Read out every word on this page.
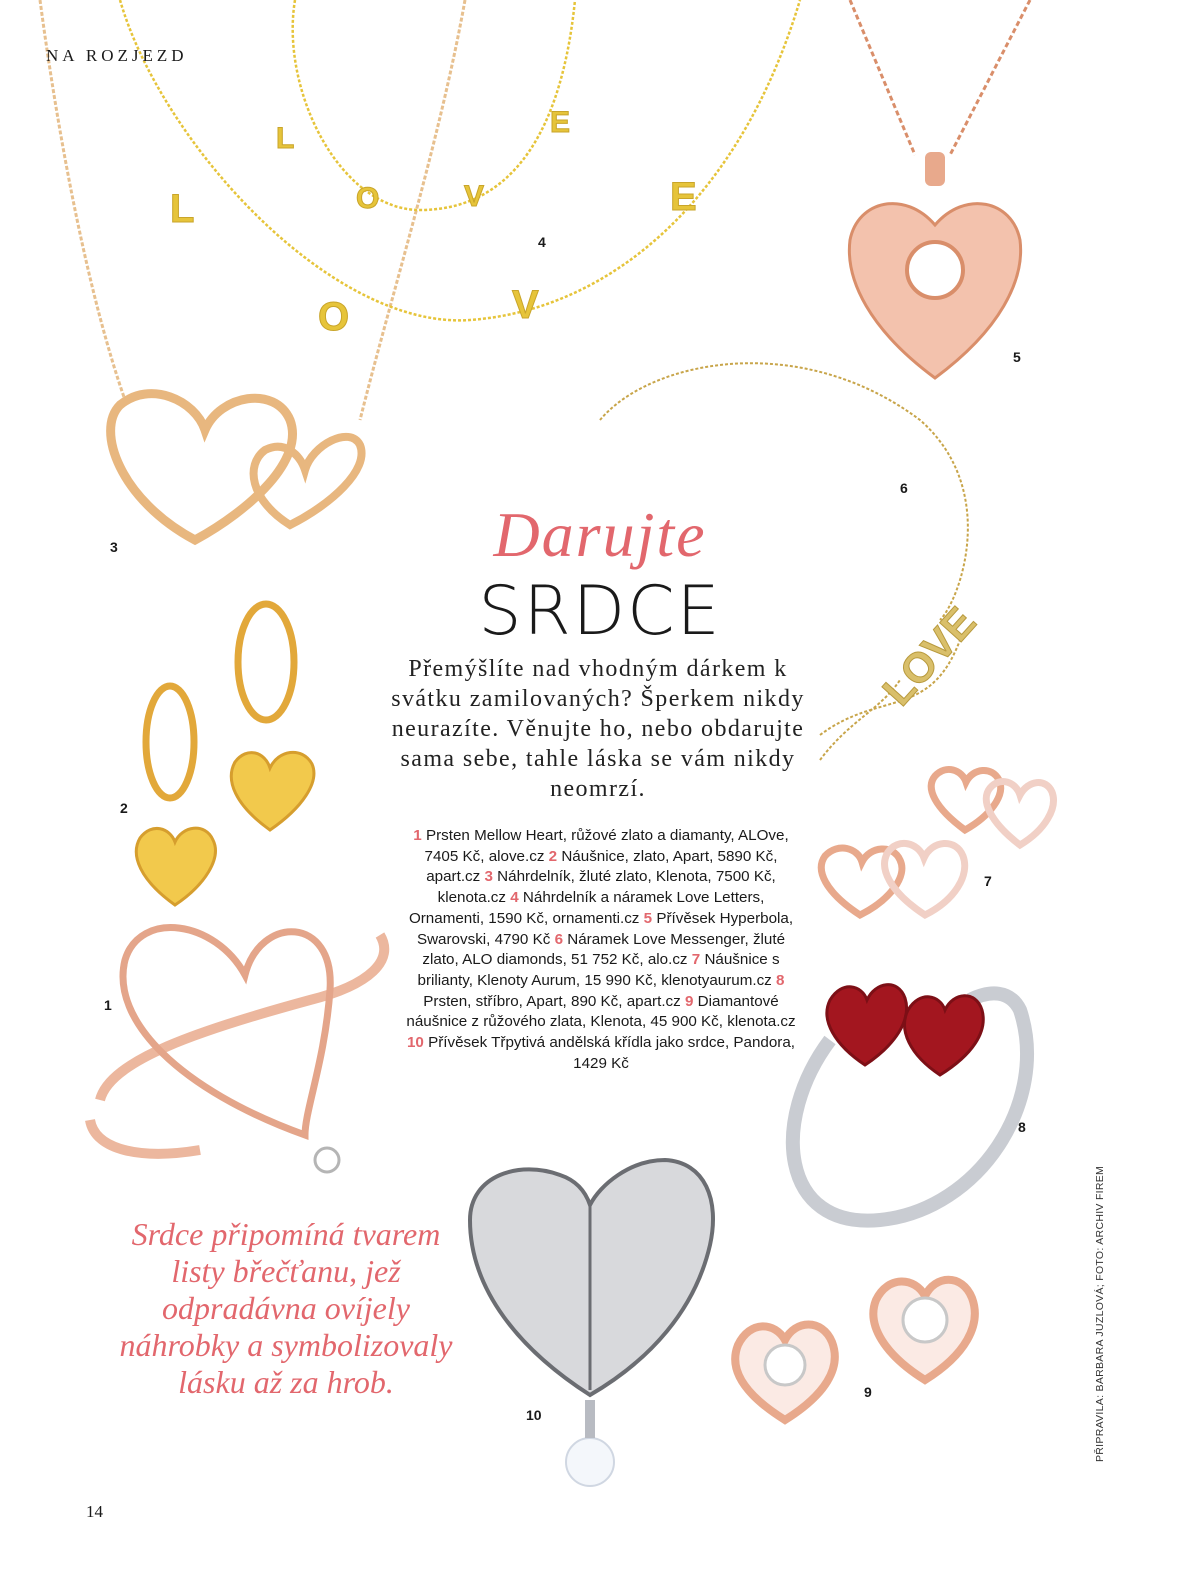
L
O	V
E
L
O	V
E
LOVE
NA ROZJEZD
1
2
3
4
5
6
7
8
9
10
Darujte
SRDCE
Přemýšlíte nad vhodným dárkem k svátku zamilovaných? Šperkem nikdy neurazíte. Věnujte ho, nebo obdarujte sama sebe, tahle láska se vám nikdy neomrzí.
1 Prsten Mellow Heart, růžové zlato a diamanty, ALOve, 7405 Kč, alove.cz 2 Náušnice, zlato, Apart, 5890 Kč, apart.cz 3 Náhrdelník, žluté zlato, Klenota, 7500 Kč, klenota.cz 4 Náhrdelník a náramek Love Letters, Ornamenti, 1590 Kč, ornamenti.cz 5 Přívěsek Hyperbola, Swarovski, 4790 Kč 6 Náramek Love Messenger, žluté zlato, ALO diamonds, 51 752 Kč, alo.cz 7 Náušnice s brilianty, Klenoty Aurum, 15 990 Kč, klenotyaurum.cz 8 Prsten, stříbro, Apart, 890 Kč, apart.cz 9 Diamantové náušnice z růžového zlata, Klenota, 45 900 Kč, klenota.cz 10 Přívěsek Třpytivá andělská křídla jako srdce, Pandora, 1429 Kč
Srdce připomíná tvarem listy břečťanu, jež odpradávna ovíjely náhrobky a symbolizovaly lásku až za hrob.	PŘIPRAVILA: BARBARA JUZLOVÁ; FOTO: ARCHIV FIREM
14
